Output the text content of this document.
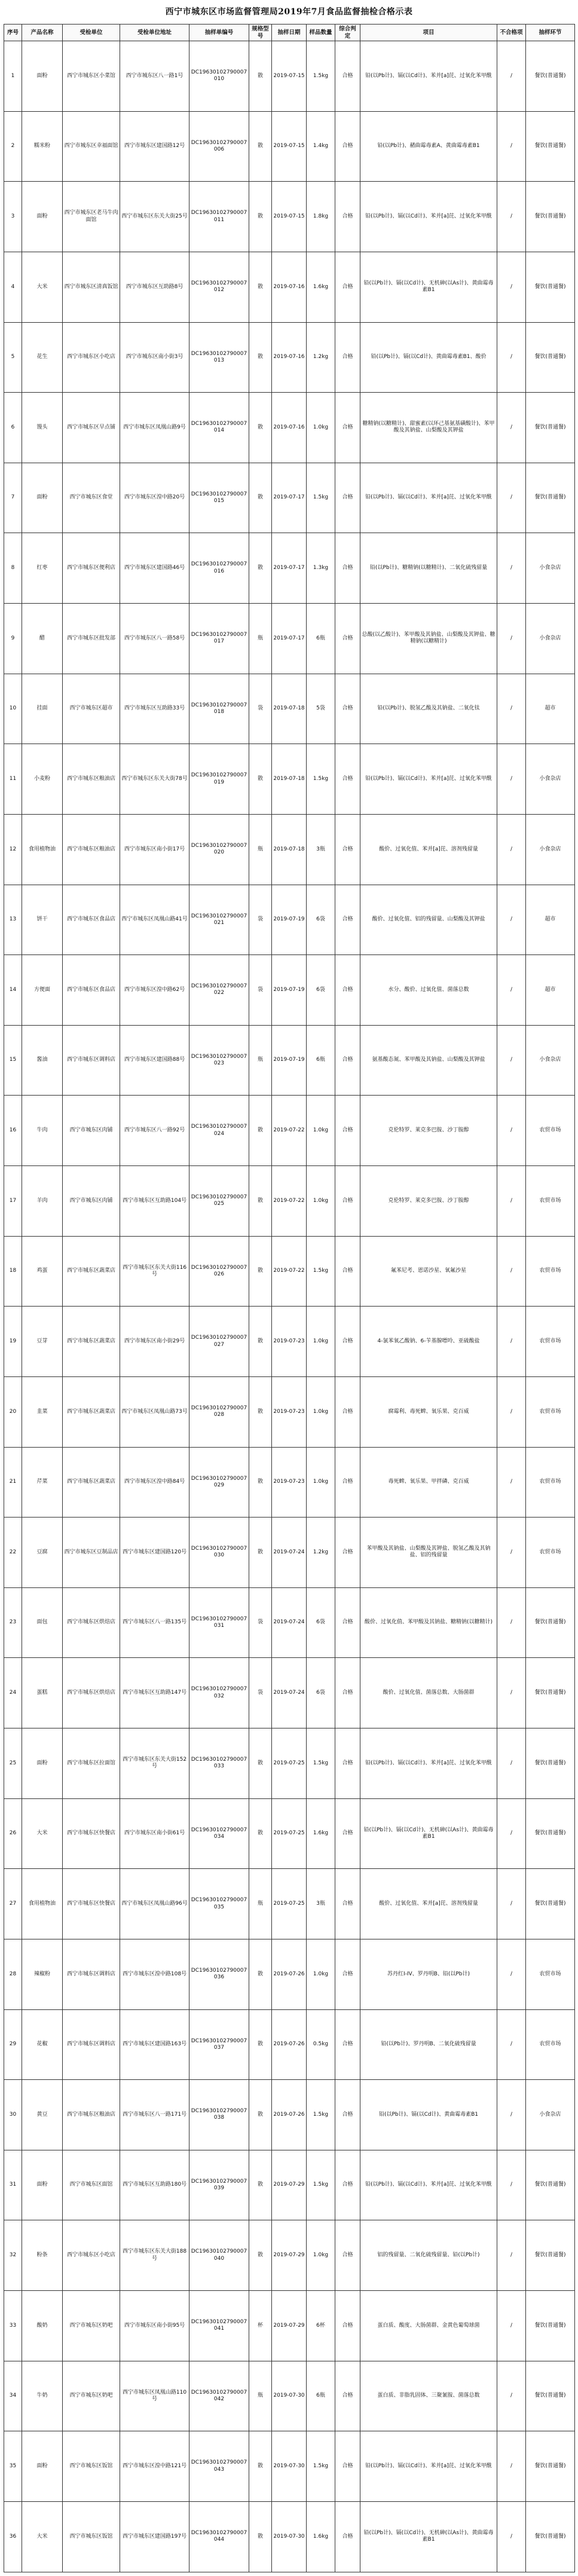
西宁市城东区市场监督管理局2019年7月食品监督抽检合格示表
序号	产品名称	受检单位	受检单位地址	抽样单编号	规格型号	抽样日期	样品数量	综合判定	项目	不合格项	抽样环节
1	面粉	西宁市城东区小菜馆	西宁市城东区八一路1号	DC19630102790007010	散	2019-07-15	1.5kg	合格	铅(以Pb计)、镉(以Cd计)、苯并[a]芘、过氧化苯甲酰	/	餐饮(普通餐)
2	糯米粉	西宁市城东区幸福面馆	西宁市城东区建国路12号	DC19630102790007006	散	2019-07-15	1.4kg	合格	铅(以Pb计)、赭曲霉毒素A、黄曲霉毒素B1	/	餐饮(普通餐)
3	面粉	西宁市城东区老马牛肉面馆	西宁市城东区东关大街25号	DC19630102790007011	散	2019-07-15	1.8kg	合格	铅(以Pb计)、镉(以Cd计)、苯并[a]芘、过氧化苯甲酰	/	餐饮(普通餐)
4	大米	西宁市城东区清真饭馆	西宁市城东区互助路8号	DC19630102790007012	散	2019-07-16	1.6kg	合格	铅(以Pb计)、镉(以Cd计)、无机砷(以As计)、黄曲霉毒素B1	/	餐饮(普通餐)
5	花生	西宁市城东区小吃店	西宁市城东区南小街3号	DC19630102790007013	散	2019-07-16	1.2kg	合格	铅(以Pb计)、镉(以Cd计)、黄曲霉毒素B1、酸价	/	餐饮(普通餐)
6	馒头	西宁市城东区早点铺	西宁市城东区凤凰山路9号	DC19630102790007014	散	2019-07-16	1.0kg	合格	糖精钠(以糖精计)、甜蜜素(以环己基氨基磺酸计)、苯甲酸及其钠盐、山梨酸及其钾盐	/	餐饮(普通餐)
7	面粉	西宁市城东区食堂	西宁市城东区湟中路20号	DC19630102790007015	散	2019-07-17	1.5kg	合格	铅(以Pb计)、镉(以Cd计)、苯并[a]芘、过氧化苯甲酰	/	餐饮(普通餐)
8	红枣	西宁市城东区便利店	西宁市城东区建国路46号	DC19630102790007016	散	2019-07-17	1.3kg	合格	铅(以Pb计)、糖精钠(以糖精计)、二氧化硫残留量	/	小食杂店
9	醋	西宁市城东区批发部	西宁市城东区八一路58号	DC19630102790007017	瓶	2019-07-17	6瓶	合格	总酸(以乙酸计)、苯甲酸及其钠盐、山梨酸及其钾盐、糖精钠(以糖精计)	/	小食杂店
10	挂面	西宁市城东区超市	西宁市城东区互助路33号	DC19630102790007018	袋	2019-07-18	5袋	合格	铅(以Pb计)、脱氢乙酸及其钠盐、二氧化钛	/	超市
11	小麦粉	西宁市城东区粮油店	西宁市城东区东关大街78号	DC19630102790007019	散	2019-07-18	1.5kg	合格	铅(以Pb计)、镉(以Cd计)、苯并[a]芘、过氧化苯甲酰	/	小食杂店
12	食用植物油	西宁市城东区粮油店	西宁市城东区南小街17号	DC19630102790007020	瓶	2019-07-18	3瓶	合格	酸价、过氧化值、苯并[a]芘、溶剂残留量	/	小食杂店
13	饼干	西宁市城东区食品店	西宁市城东区凤凰山路41号	DC19630102790007021	袋	2019-07-19	6袋	合格	酸价、过氧化值、铝的残留量、山梨酸及其钾盐	/	超市
14	方便面	西宁市城东区食品店	西宁市城东区湟中路62号	DC19630102790007022	袋	2019-07-19	6袋	合格	水分、酸价、过氧化值、菌落总数	/	超市
15	酱油	西宁市城东区调料店	西宁市城东区建国路88号	DC19630102790007023	瓶	2019-07-19	6瓶	合格	氨基酸态氮、苯甲酸及其钠盐、山梨酸及其钾盐	/	小食杂店
16	牛肉	西宁市城东区肉铺	西宁市城东区八一路92号	DC19630102790007024	散	2019-07-22	1.0kg	合格	克伦特罗、莱克多巴胺、沙丁胺醇	/	农贸市场
17	羊肉	西宁市城东区肉铺	西宁市城东区互助路104号	DC19630102790007025	散	2019-07-22	1.0kg	合格	克伦特罗、莱克多巴胺、沙丁胺醇	/	农贸市场
18	鸡蛋	西宁市城东区蔬菜店	西宁市城东区东关大街116号	DC19630102790007026	散	2019-07-22	1.5kg	合格	氟苯尼考、恩诺沙星、氧氟沙星	/	农贸市场
19	豆芽	西宁市城东区蔬菜店	西宁市城东区南小街29号	DC19630102790007027	散	2019-07-23	1.0kg	合格	4-氯苯氧乙酸钠、6-苄基腺嘌呤、亚硫酸盐	/	农贸市场
20	韭菜	西宁市城东区蔬菜店	西宁市城东区凤凰山路73号	DC19630102790007028	散	2019-07-23	1.0kg	合格	腐霉利、毒死蜱、氧乐果、克百威	/	农贸市场
21	芹菜	西宁市城东区蔬菜店	西宁市城东区湟中路84号	DC19630102790007029	散	2019-07-23	1.0kg	合格	毒死蜱、氧乐果、甲拌磷、克百威	/	农贸市场
22	豆腐	西宁市城东区豆制品店	西宁市城东区建国路120号	DC19630102790007030	散	2019-07-24	1.2kg	合格	苯甲酸及其钠盐、山梨酸及其钾盐、脱氢乙酸及其钠盐、铝的残留量	/	农贸市场
23	面包	西宁市城东区烘焙店	西宁市城东区八一路135号	DC19630102790007031	袋	2019-07-24	6袋	合格	酸价、过氧化值、苯甲酸及其钠盐、糖精钠(以糖精计)	/	餐饮(普通餐)
24	蛋糕	西宁市城东区烘焙店	西宁市城东区互助路147号	DC19630102790007032	袋	2019-07-24	6袋	合格	酸价、过氧化值、菌落总数、大肠菌群	/	餐饮(普通餐)
25	面粉	西宁市城东区拉面馆	西宁市城东区东关大街152号	DC19630102790007033	散	2019-07-25	1.5kg	合格	铅(以Pb计)、镉(以Cd计)、苯并[a]芘、过氧化苯甲酰	/	餐饮(普通餐)
26	大米	西宁市城东区快餐店	西宁市城东区南小街61号	DC19630102790007034	散	2019-07-25	1.6kg	合格	铅(以Pb计)、镉(以Cd计)、无机砷(以As计)、黄曲霉毒素B1	/	餐饮(普通餐)
27	食用植物油	西宁市城东区快餐店	西宁市城东区凤凰山路96号	DC19630102790007035	瓶	2019-07-25	3瓶	合格	酸价、过氧化值、苯并[a]芘、溶剂残留量	/	餐饮(普通餐)
28	辣椒粉	西宁市城东区调料店	西宁市城东区湟中路108号	DC19630102790007036	散	2019-07-26	1.0kg	合格	苏丹红I-IV、罗丹明B、铅(以Pb计)	/	农贸市场
29	花椒	西宁市城东区调料店	西宁市城东区建国路163号	DC19630102790007037	散	2019-07-26	0.5kg	合格	铅(以Pb计)、罗丹明B、二氧化硫残留量	/	农贸市场
30	黄豆	西宁市城东区粮油店	西宁市城东区八一路171号	DC19630102790007038	散	2019-07-26	1.5kg	合格	铅(以Pb计)、镉(以Cd计)、黄曲霉毒素B1	/	小食杂店
31	面粉	西宁市城东区面馆	西宁市城东区互助路180号	DC19630102790007039	散	2019-07-29	1.5kg	合格	铅(以Pb计)、镉(以Cd计)、苯并[a]芘、过氧化苯甲酰	/	餐饮(普通餐)
32	粉条	西宁市城东区小吃店	西宁市城东区东关大街188号	DC19630102790007040	散	2019-07-29	1.0kg	合格	铝的残留量、二氧化硫残留量、铅(以Pb计)	/	餐饮(普通餐)
33	酸奶	西宁市城东区奶吧	西宁市城东区南小街95号	DC19630102790007041	杯	2019-07-29	6杯	合格	蛋白质、酸度、大肠菌群、金黄色葡萄球菌	/	餐饮(普通餐)
34	牛奶	西宁市城东区奶吧	西宁市城东区凤凰山路110号	DC19630102790007042	瓶	2019-07-30	6瓶	合格	蛋白质、非脂乳固体、三聚氰胺、菌落总数	/	餐饮(普通餐)
35	面粉	西宁市城东区饭馆	西宁市城东区湟中路121号	DC19630102790007043	散	2019-07-30	1.5kg	合格	铅(以Pb计)、镉(以Cd计)、苯并[a]芘、过氧化苯甲酰	/	餐饮(普通餐)
36	大米	西宁市城东区饭馆	西宁市城东区建国路197号	DC19630102790007044	散	2019-07-30	1.6kg	合格	铅(以Pb计)、镉(以Cd计)、无机砷(以As计)、黄曲霉毒素B1	/	餐饮(普通餐)
